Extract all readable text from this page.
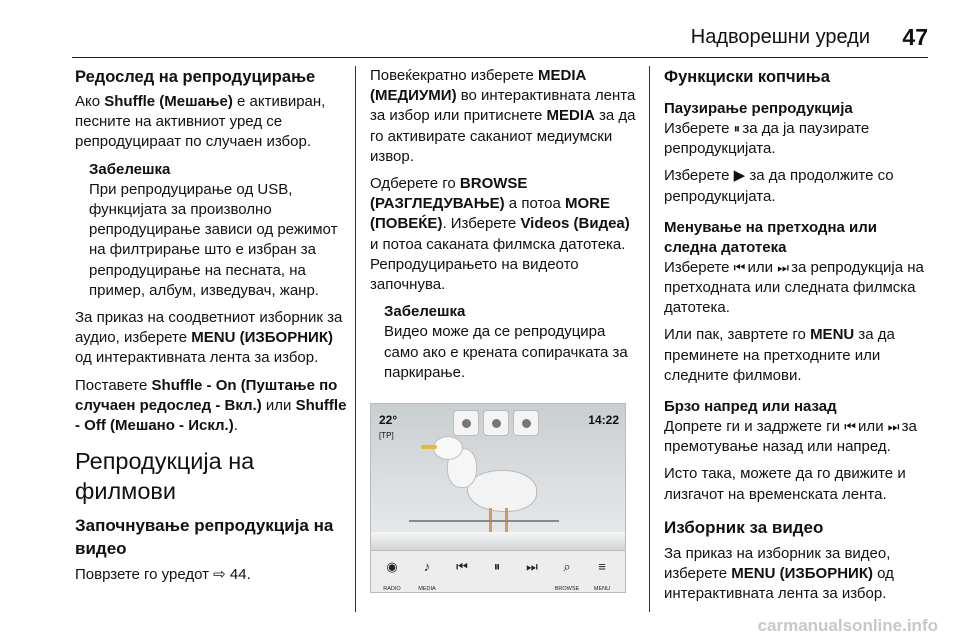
Надворешни уреди 47
Редослед на репродуцирање

Ако Shuffle (Мешање) е активиран, песните на активниот уред се репродуцираат по случаен избор.

Забелешка
При репродуцирање од USB, функцијата за произволно репродуцирање зависи од режимот на филтрирање што е избран за репродуцирање на песната, на пример, албум, изведувач, жанр.

За приказ на соодветниот изборник за аудио, изберете MENU (ИЗБОРНИК) од интерактивната лента за избор.

Поставете Shuffle - On (Пуштање по случаен редослед - Вкл.) или Shuffle - Off (Мешано - Искл.).

Репродукција на филмови
Започнување репродукција на видео

Поврзете го уредот ⇨ 44.

Повеќекратно изберете MEDIA (МЕДИУМИ) во интерактивната лента за избор или притиснете MEDIA за да го активирате саканиот медиумски извор.

Одберете го BROWSE (РАЗГЛЕДУВАЊЕ) а потоа MORE (ПОВЕЌЕ). Изберете Videos (Видеа) и потоа саканата филмска датотека. Репродуцирањето на видеото започнува.

Забелешка
Видео може да се репродуцира само ако е кренатa сопирачката за паркирање.
22°
[TP]
14:22
◉
RADIO
♪
MEDIA
⏮	⏸	⏭	⌕
BROWSE
≡
MENU
Функциски копчиња
Паузирање репродукција

Изберете ⏸ за да ја паузирате репродукцијата.

Изберете ▶ за да продолжите со репродукцијата.

Менување на претходна или следна датотека

Изберете ⏮ или ⏭ за репродукција на претходната или следната филмска датотека.

Или пак, завртете го MENU за да преминете на претходните или следните филмови.

Брзо напред или назад

Допрете ги и задржете ги ⏮ или ⏭ за премотување назад или напред.

Исто така, можете да го движите и лизгачот на временската лента.

Изборник за видео

За приказ на изборник за видео, изберете MENU (ИЗБОРНИК) од интерактивната лента за избор.

carmanualsonline.info
